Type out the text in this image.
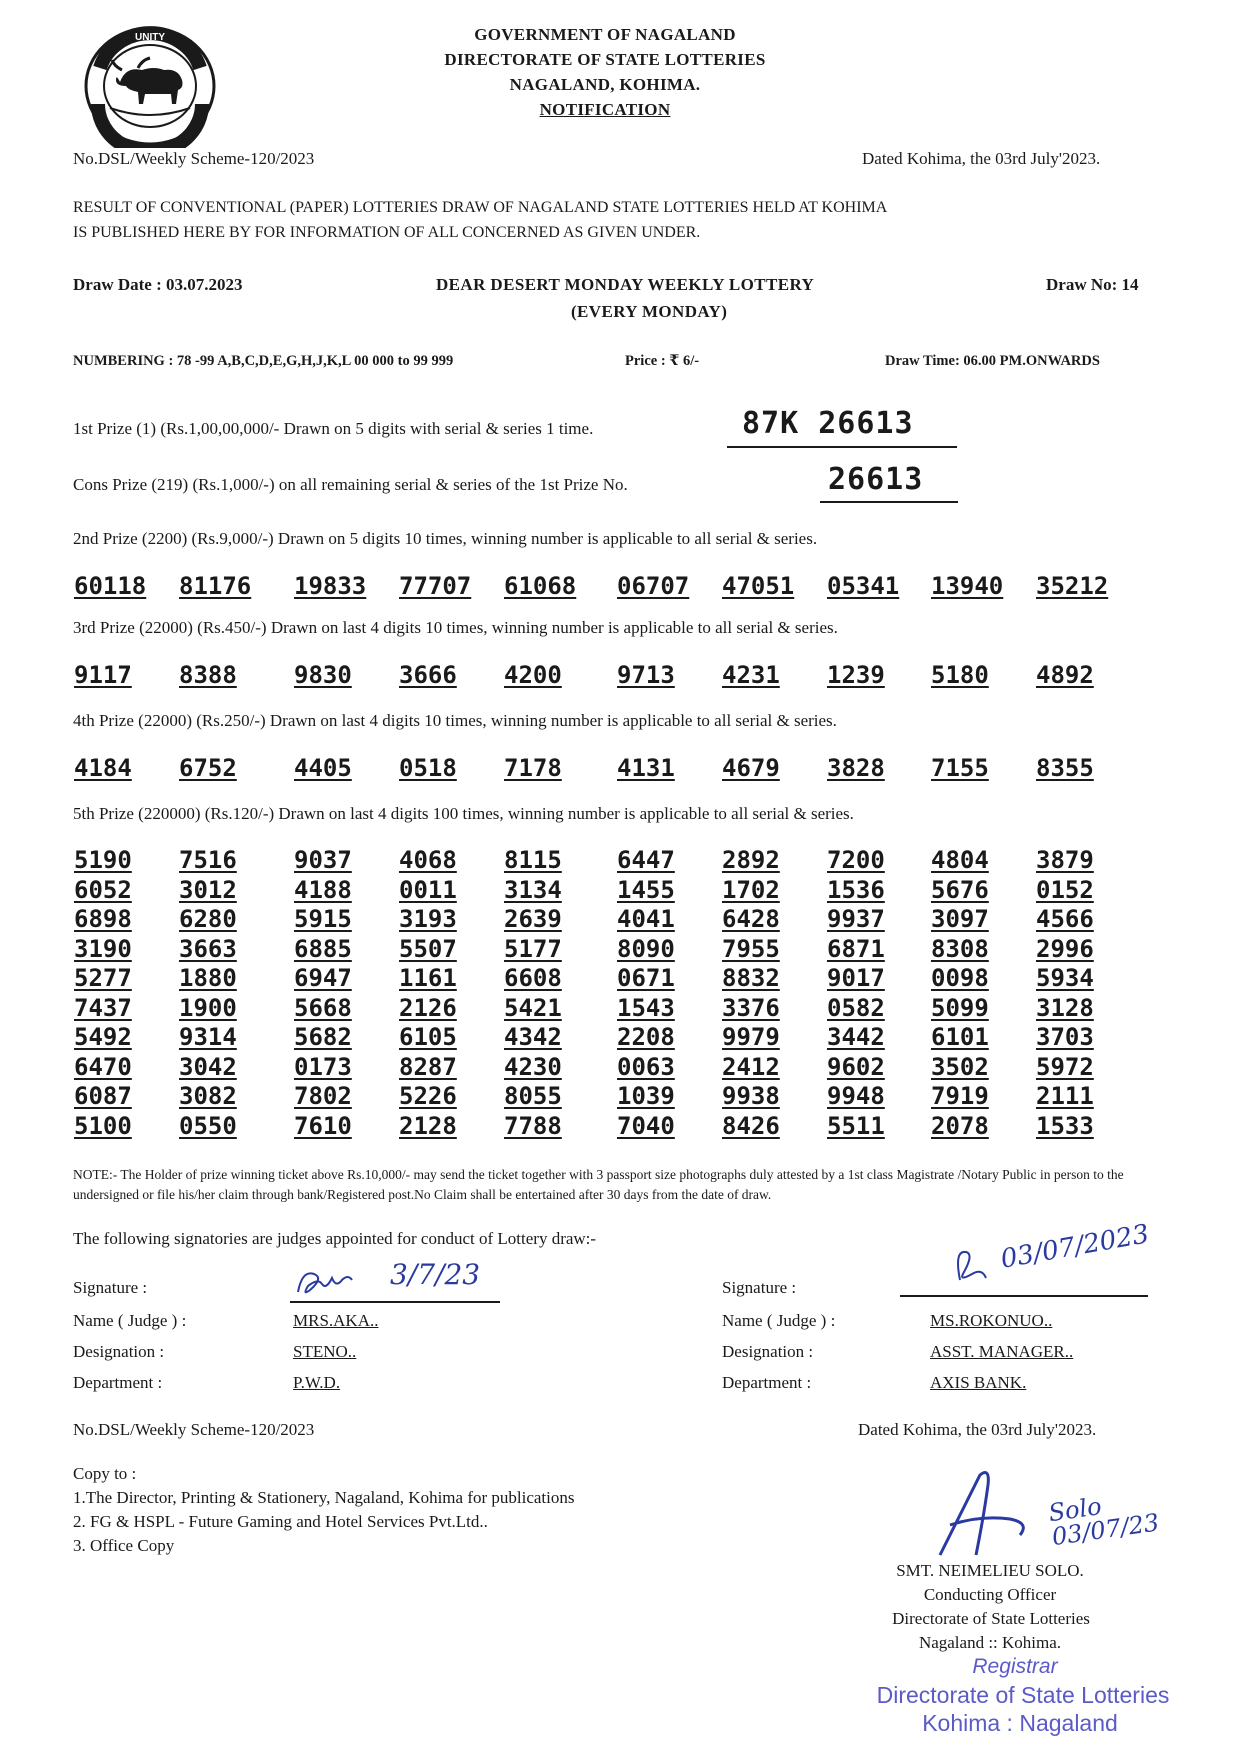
UNITY	GOVERNMENT OF NAGALAND
DIRECTORATE OF STATE LOTTERIES
NAGALAND, KOHIMA.
NOTIFICATION
No.DSL/Weekly Scheme-120/2023	Dated Kohima, the 03rd July'2023.
RESULT OF CONVENTIONAL (PAPER) LOTTERIES DRAW OF NAGALAND STATE LOTTERIES HELD AT KOHIMA
IS PUBLISHED HERE BY FOR INFORMATION OF ALL CONCERNED AS GIVEN UNDER.
Draw Date : 03.07.2023	DEAR DESERT MONDAY WEEKLY LOTTERY
(EVERY MONDAY)
Draw No: 14
NUMBERING : 78 -99 A,B,C,D,E,G,H,J,K,L 00 000 to 99 999	Price : ₹ 6/-	Draw Time: 06.00 PM.ONWARDS
1st Prize (1) (Rs.1,00,00,000/- Drawn on 5 digits with serial & series 1 time.	87K 26613
Cons Prize (219) (Rs.1,000/-) on all remaining serial & series of the 1st Prize No.	26613
2nd Prize (2200) (Rs.9,000/-) Drawn on 5 digits 10 times, winning number is applicable to all serial & series.
60118 81176 19833 77707 61068 06707 47051 05341 13940 35212
3rd Prize (22000) (Rs.450/-) Drawn on last 4 digits 10 times, winning number is applicable to all serial & series.
9117 8388 9830 3666 4200 9713 4231 1239 5180 4892
4th Prize (22000) (Rs.250/-) Drawn on last 4 digits 10 times, winning number is applicable to all serial & series.
4184 6752 4405 0518 7178 4131 4679 3828 7155 8355
5th Prize (220000) (Rs.120/-) Drawn on last 4 digits 100 times, winning number is applicable to all serial & series.
5190 7516 9037 4068 8115 6447 2892 7200 4804 3879
6052 3012 4188 0011 3134 1455 1702 1536 5676 0152
6898 6280 5915 3193 2639 4041 6428 9937 3097 4566
3190 3663 6885 5507 5177 8090 7955 6871 8308 2996
5277 1880 6947 1161 6608 0671 8832 9017 0098 5934
7437 1900 5668 2126 5421 1543 3376 0582 5099 3128
5492 9314 5682 6105 4342 2208 9979 3442 6101 3703
6470 3042 0173 8287 4230 0063 2412 9602 3502 5972
6087 3082 7802 5226 8055 1039 9938 9948 7919 2111
5100 0550 7610 2128 7788 7040 8426 5511 2078 1533
NOTE:- The Holder of prize winning ticket above Rs.10,000/- may send the ticket together with 3 passport size photographs duly attested by a 1st class Magistrate /Notary Public in person to the undersigned or file his/her claim through bank/Registered post.No Claim shall be entertained after 30 days from the date of draw.
The following signatories are judges appointed for conduct of Lottery draw:-
Signature :	3/7/23
Name ( Judge ) :	MRS.AKA..
Designation :	STENO..
Department :	P.W.D.
Signature :
03/07/2023
Name ( Judge ) :	MS.ROKONUO..
Designation :	ASST. MANAGER..
Department :	AXIS BANK.
No.DSL/Weekly Scheme-120/2023	Dated Kohima, the 03rd July'2023.
Copy to :
1.The Director, Printing & Stationery, Nagaland, Kohima for publications
2. FG & HSPL - Future Gaming and Hotel Services Pvt.Ltd..
3. Office Copy
Solo 03/07/23
SMT. NEIMELIEU SOLO.
Conducting Officer
Directorate of State Lotteries
Nagaland :: Kohima.
Registrar
Directorate of State Lotteries
Kohima : Nagaland
